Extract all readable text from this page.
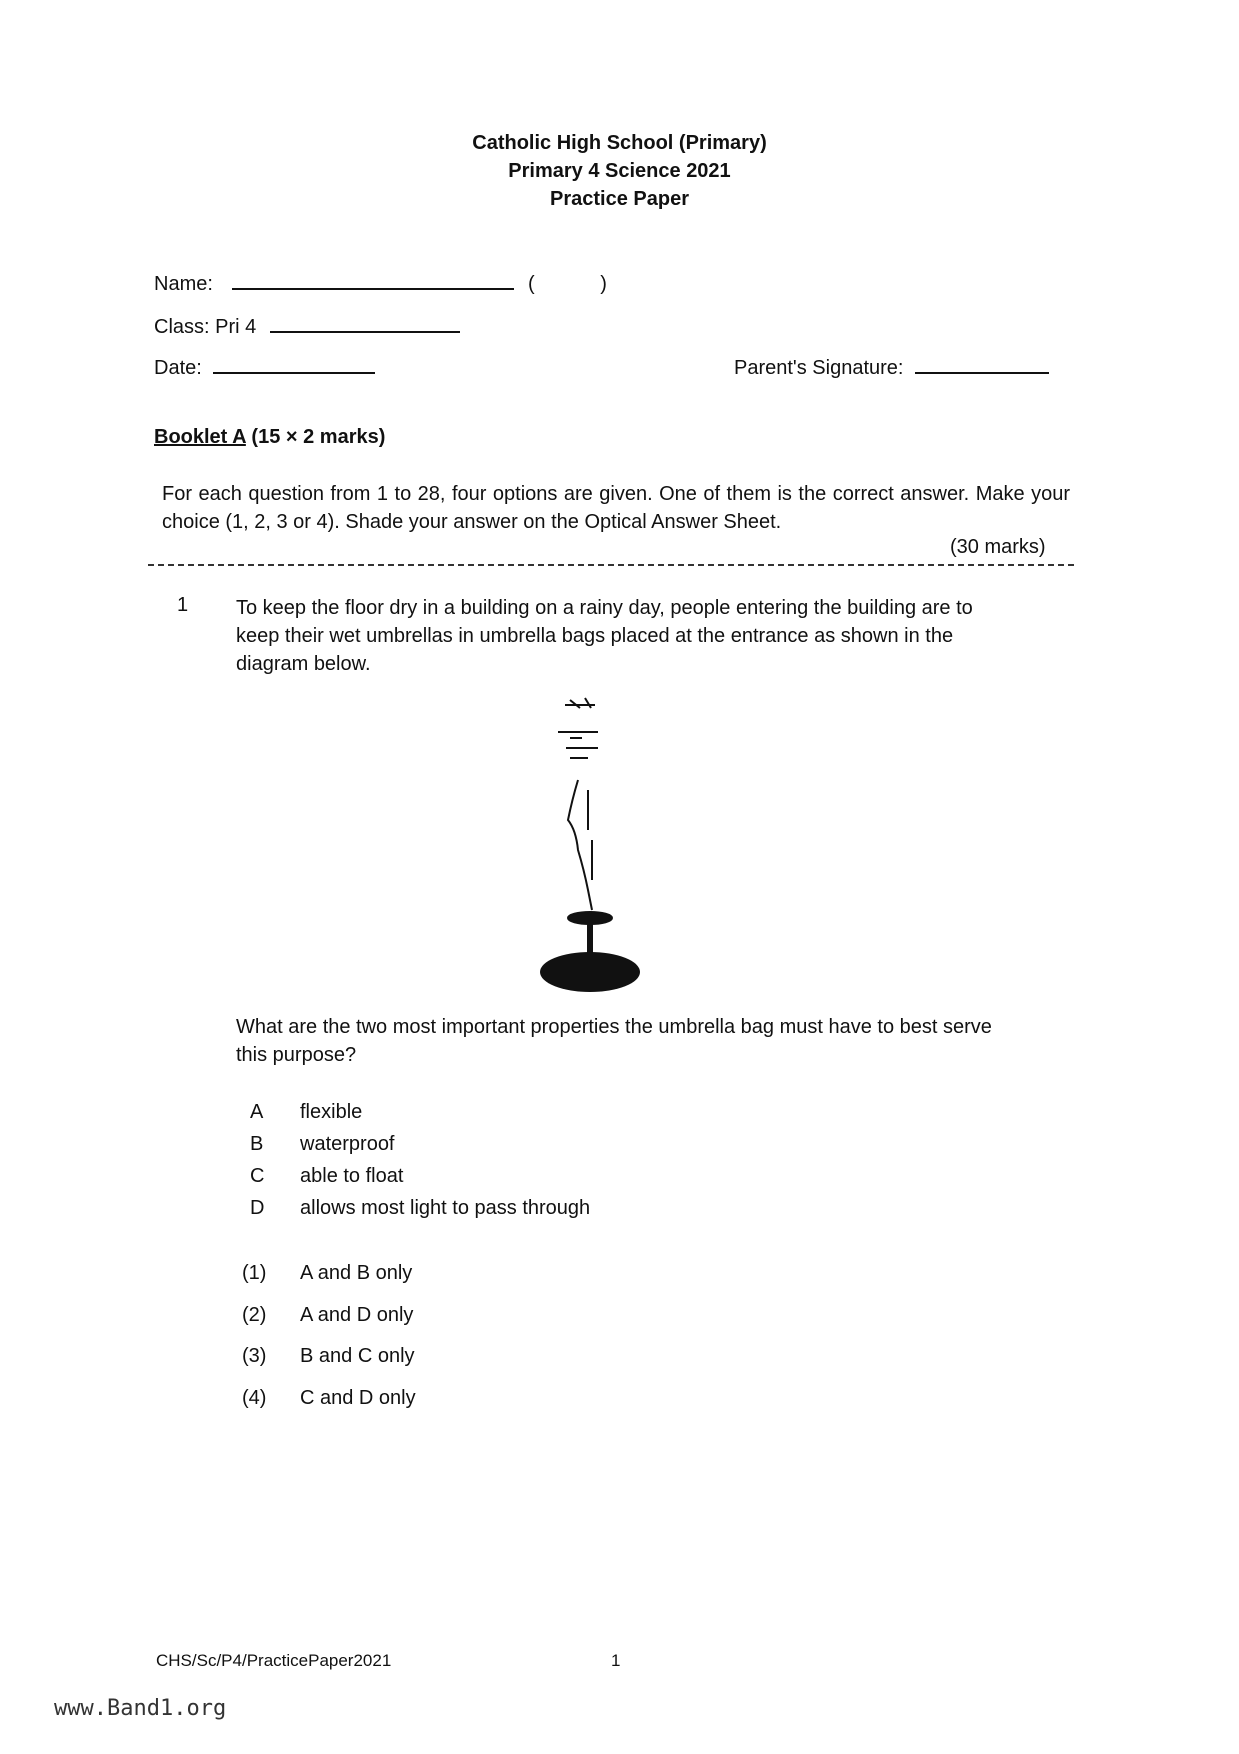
Catholic High School (Primary)
Primary 4 Science 2021
Practice Paper
Name:	(	)
Class: Pri 4
Date:	Parent's Signature:
Booklet A (15 × 2 marks)
For each question from 1 to 28, four options are given. One of them is the correct answer. Make your choice (1, 2, 3 or 4). Shade your answer on the Optical Answer Sheet.
(30 marks)
1 To keep the floor dry in a building on a rainy day, people entering the building are to keep their wet umbrellas in umbrella bags placed at the entrance as shown in the diagram below.
What are the two most important properties the umbrella bag must have to best serve this purpose?
A flexible
B waterproof
C able to float
D allows most light to pass through
(1) A and B only
(2) A and D only
(3) B and C only
(4) C and D only
CHS/Sc/P4/PracticePaper2021	1
www.Band1.org
